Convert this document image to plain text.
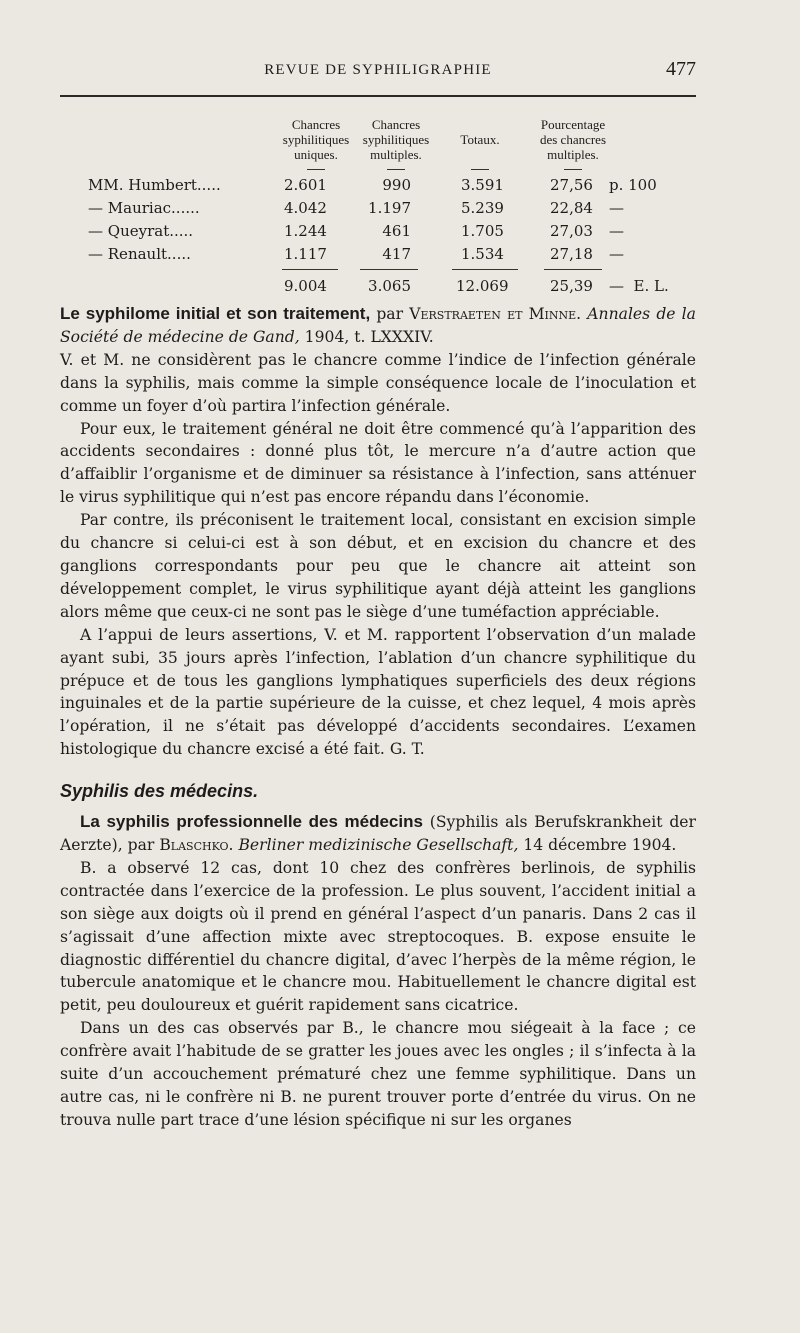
REVUE DE SYPHILIGRAPHIE	477
Chancres
syphilitiques
uniques.
Chancres
syphilitiques
multiples.
Totaux.
Pourcentage
des chancres
multiples.
MM. Humbert.....	2.601	990	3.591	27,56 p. 100
— Mauriac......	4.042	1.197	5.239	22,84 —
— Queyrat.....	1.244	461	1.705	27,03 —
— Renault.....	1.117	417	1.534	27,18 —
9.004	3.065	12.069	25,39 —  E. L.

Le syphilome initial et son traitement, par Verstraeten et Minne. Annales de la Société de médecine de Gand, 1904, t. LXXXIV.

V. et M. ne considèrent pas le chancre comme l’indice de l’infection générale dans la syphilis, mais comme la simple conséquence locale de l’inoculation et comme un foyer d’où partira l’infection générale.

Pour eux, le traitement général ne doit être commencé qu’à l’apparition des accidents secondaires : donné plus tôt, le mercure n’a d’autre action que d’affaiblir l’organisme et de diminuer sa résistance à l’infection, sans atténuer le virus syphilitique qui n’est pas encore répandu dans l’économie.

Par contre, ils préconisent le traitement local, consistant en excision simple du chancre si celui-ci est à son début, et en excision du chancre et des ganglions correspondants pour peu que le chancre ait atteint son développement complet, le virus syphilitique ayant déjà atteint les ganglions alors même que ceux-ci ne sont pas le siège d’une tuméfaction appréciable.

A l’appui de leurs assertions, V. et M. rapportent l’observation d’un malade ayant subi, 35 jours après l’infection, l’ablation d’un chancre syphilitique du prépuce et de tous les ganglions lymphatiques superficiels des deux régions inguinales et de la partie supérieure de la cuisse, et chez lequel, 4 mois après l’opération, il ne s’était pas développé d’accidents secondaires. L’examen histologique du chancre excisé a été fait. G. T.

Syphilis des médecins.

La syphilis professionnelle des médecins (Syphilis als Berufskrankheit der Aerzte), par Blaschko. Berliner medizinische Gesellschaft, 14 décembre 1904.

B. a observé 12 cas, dont 10 chez des confrères berlinois, de syphilis contractée dans l’exercice de la profession. Le plus souvent, l’accident initial a son siège aux doigts où il prend en général l’aspect d’un panaris. Dans 2 cas il s’agissait d’une affection mixte avec streptocoques. B. expose ensuite le diagnostic différentiel du chancre digital, d’avec l’herpès de la même région, le tubercule anatomique et le chancre mou. Habituellement le chancre digital est petit, peu douloureux et guérit rapidement sans cicatrice.

Dans un des cas observés par B., le chancre mou siégeait à la face ; ce confrère avait l’habitude de se gratter les joues avec les ongles ; il s’infecta à la suite d’un accouchement prématuré chez une femme syphilitique. Dans un autre cas, ni le confrère ni B. ne purent trouver porte d’entrée du virus. On ne trouva nulle part trace d’une lésion spécifique ni sur les organes
